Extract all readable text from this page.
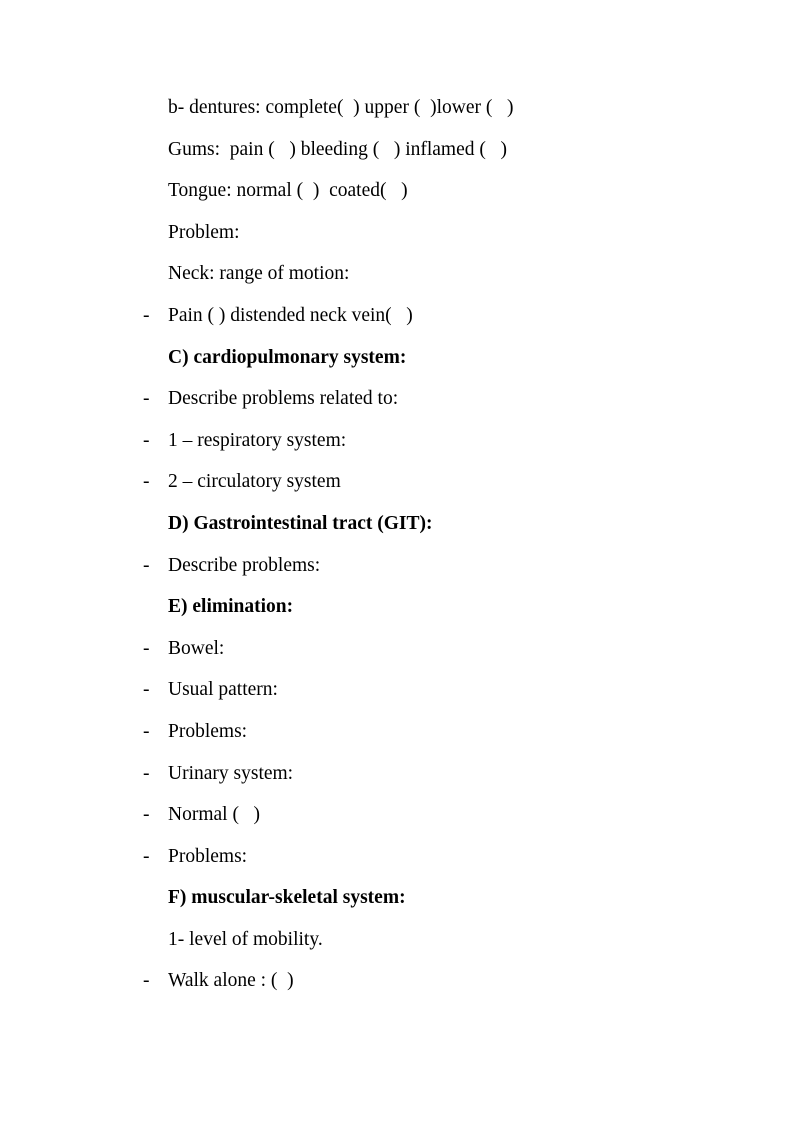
b- dentures: complete(  ) upper (  )lower (   )
Gums:  pain (   ) bleeding (   ) inflamed (   )
Tongue: normal (  )  coated(   )
Problem:
Neck: range of motion:
- Pain ( ) distended neck vein(   )
C) cardiopulmonary system:
- Describe problems related to:
- 1 – respiratory system:
- 2 – circulatory system
D) Gastrointestinal tract (GIT):
- Describe problems:
E) elimination:
- Bowel:
- Usual pattern:
- Problems:
- Urinary system:
- Normal (   )
- Problems:
F) muscular-skeletal system:
1- level of mobility.
- Walk alone : (  )
